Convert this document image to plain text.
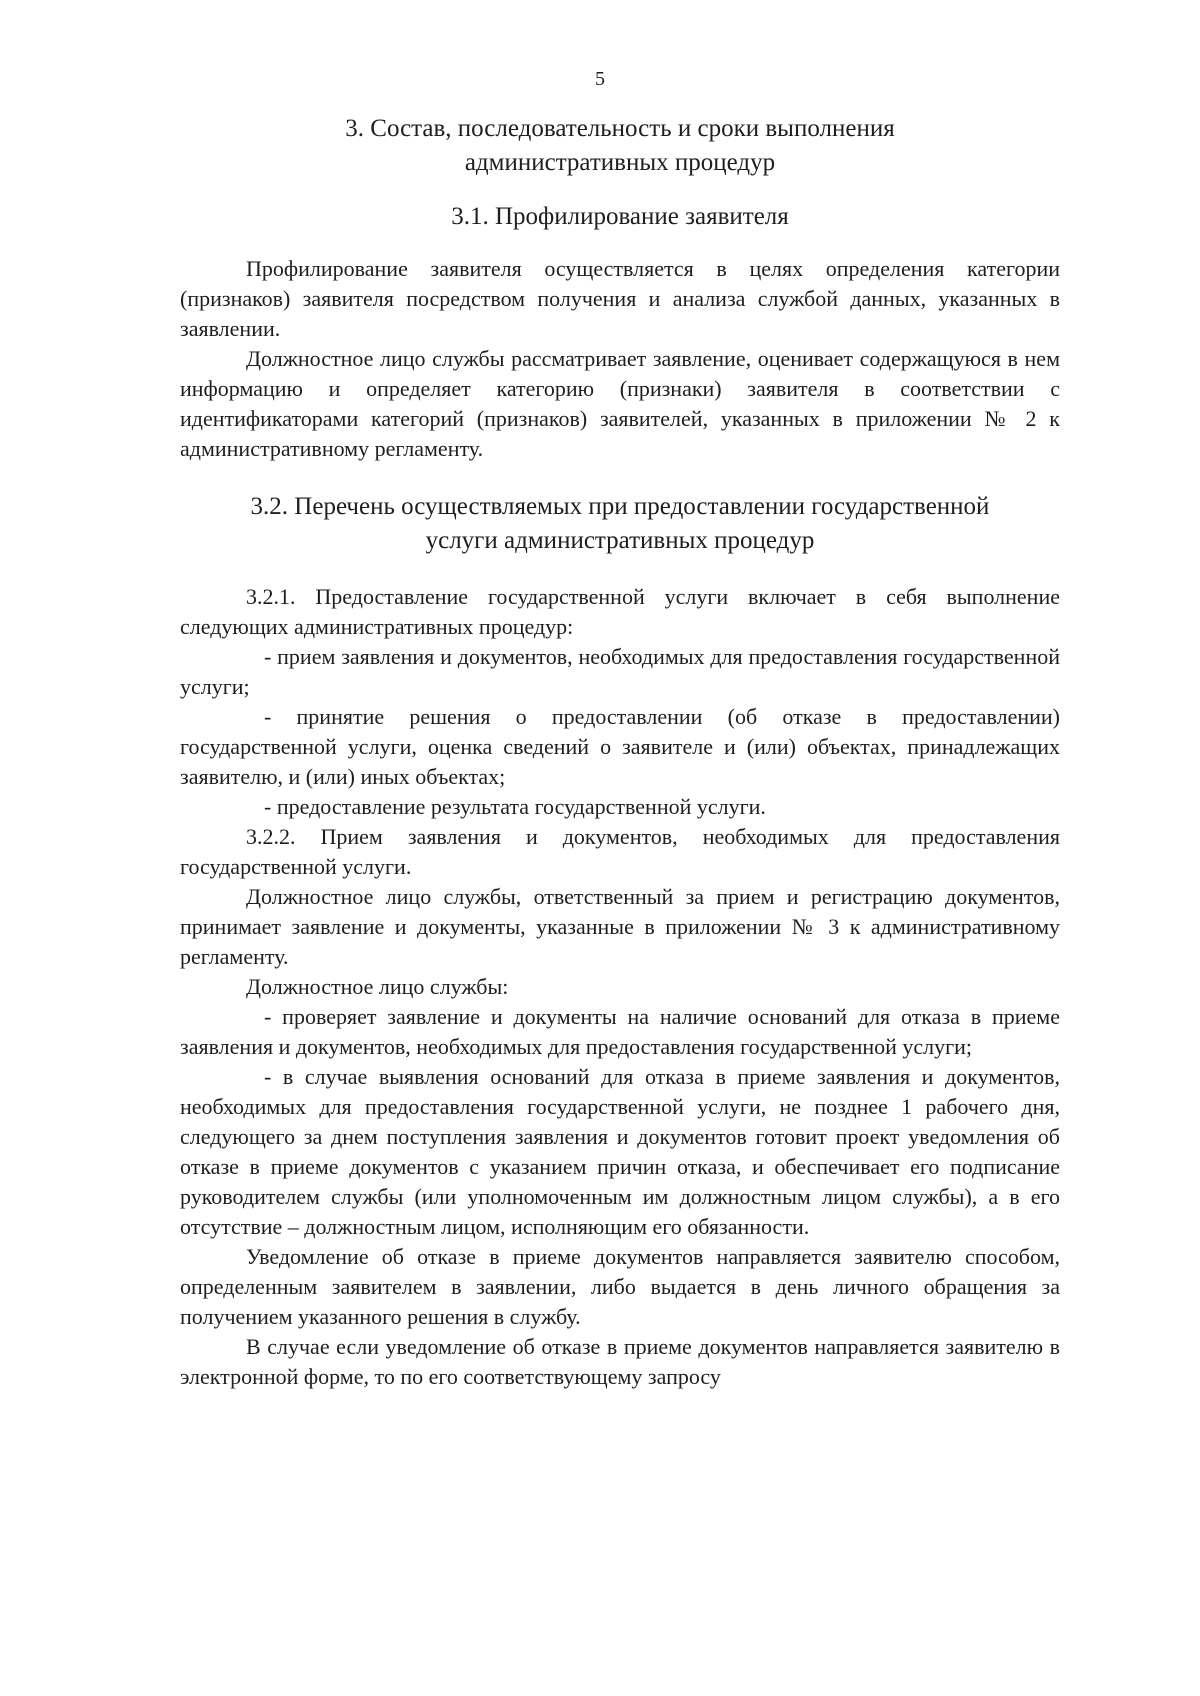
5
3. Состав, последовательность и сроки выполнения
административных процедур
3.1. Профилирование заявителя

Профилирование заявителя осуществляется в целях определения категории (признаков) заявителя посредством получения и анализа службой данных, указанных в заявлении.

Должностное лицо службы рассматривает заявление, оценивает содержащуюся в нем информацию и определяет категорию (признаки) заявителя в соответствии с идентификаторами категорий (признаков) заявителей, указанных в приложении № 2 к административному регламенту.

3.2. Перечень осуществляемых при предоставлении государственной
услуги административных процедур

3.2.1. Предоставление государственной услуги включает в себя выполнение следующих административных процедур:

- прием заявления и документов, необходимых для предоставления государственной услуги;

- принятие решения о предоставлении (об отказе в предоставлении) государственной услуги, оценка сведений о заявителе и (или) объектах, принадлежащих заявителю, и (или) иных объектах;

- предоставление результата государственной услуги.

3.2.2. Прием заявления и документов, необходимых для предоставления государственной услуги.

Должностное лицо службы, ответственный за прием и регистрацию документов, принимает заявление и документы, указанные в приложении № 3 к административному регламенту.

Должностное лицо службы:

- проверяет заявление и документы на наличие оснований для отказа в приеме заявления и документов, необходимых для предоставления государственной услуги;

- в случае выявления оснований для отказа в приеме заявления и документов, необходимых для предоставления государственной услуги, не позднее 1 рабочего дня, следующего за днем поступления заявления и документов готовит проект уведомления об отказе в приеме документов с указанием причин отказа, и обеспечивает его подписание руководителем службы (или уполномоченным им должностным лицом службы), а в его отсутствие – должностным лицом, исполняющим его обязанности.

Уведомление об отказе в приеме документов направляется заявителю способом, определенным заявителем в заявлении, либо выдается в день личного обращения за получением указанного решения в службу.

В случае если уведомление об отказе в приеме документов направляется заявителю в электронной форме, то по его соответствующему запросу
